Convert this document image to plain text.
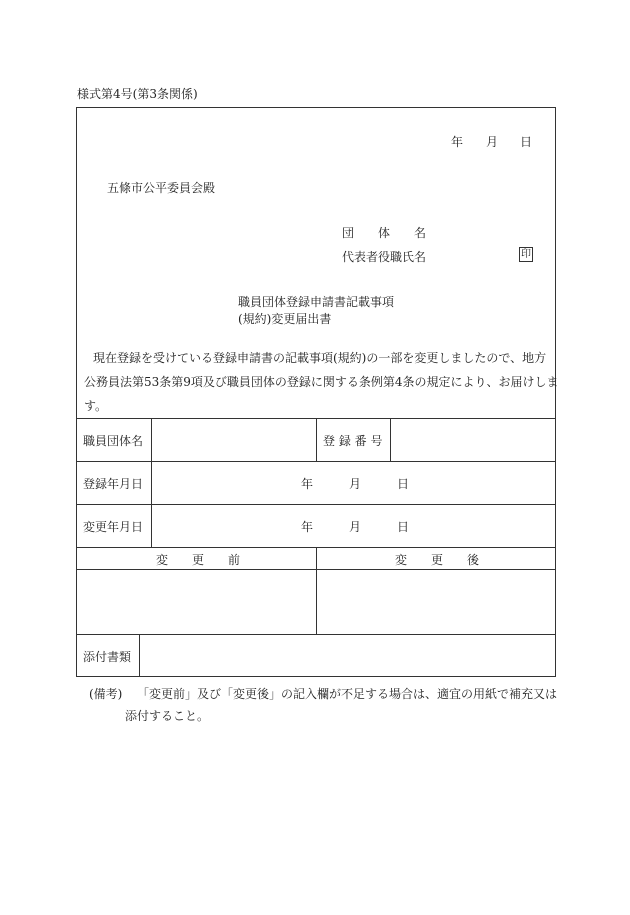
様式第4号(第3条関係)
年 月 日
五條市公平委員会殿
団　　体　　名
代表者役職氏名	印
職員団体登録申請書記載事項
(規約)変更届出書
現在登録を受けている登録申請書の記載事項(規約)の一部を変更しましたので、地方
公務員法第53条第9項及び職員団体の登録に関する条例第4条の規定により、お届けしま
す。
職員団体名	登 録 番 号
登録年月日	年	月	日
変更年月日	年	月	日
変　　更　　前	変　　更　　後
添付書類
(備考) 「変更前」及び「変更後」の記入欄が不足する場合は、適宜の用紙で補充又は
添付すること。
